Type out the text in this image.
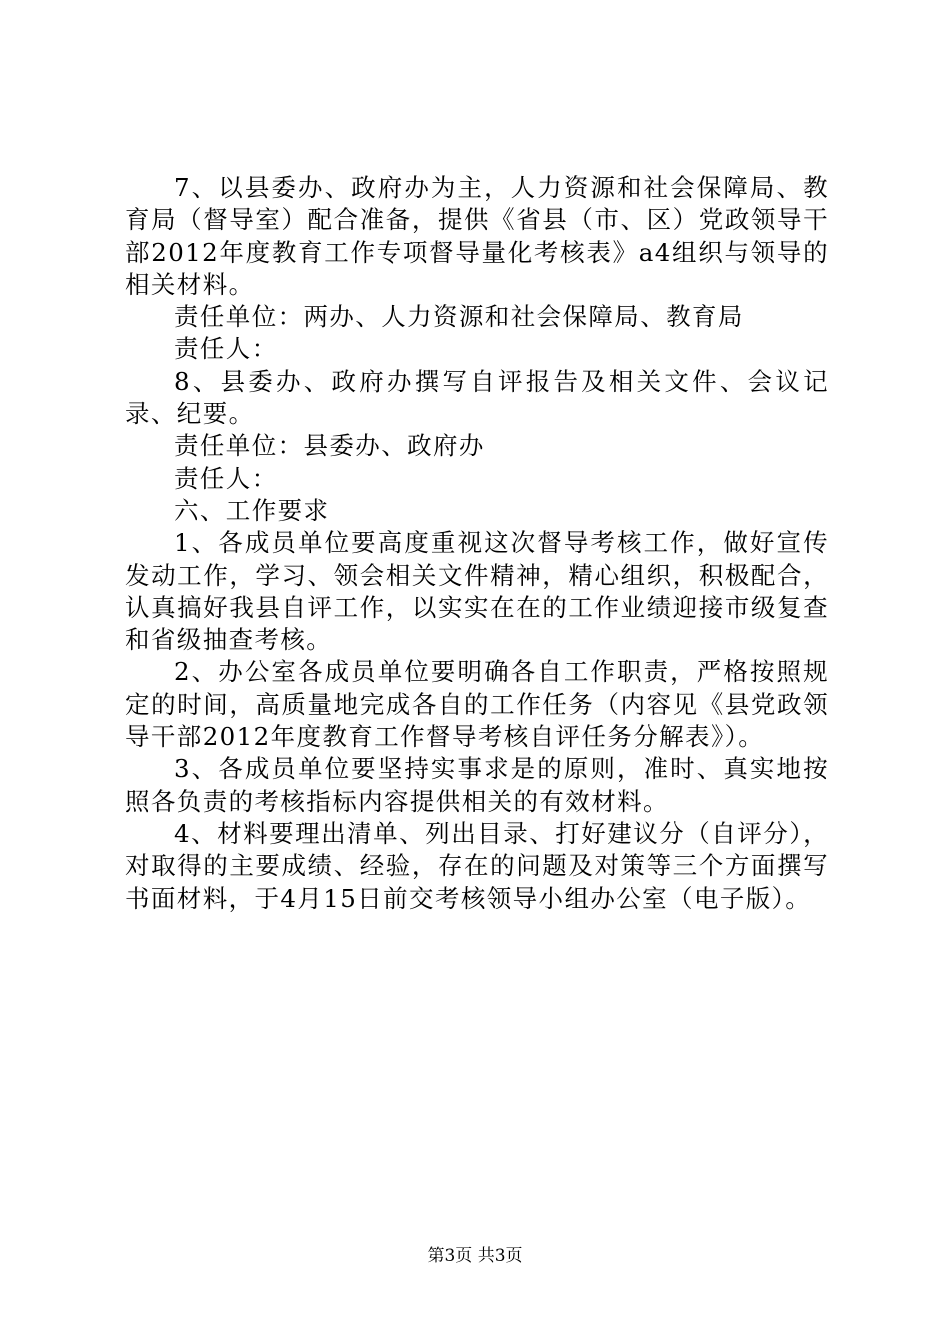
7、以县委办、政府办为主，人力资源和社会保障局、教育局（督导室）配合准备，提供《省县（市、区）党政领导干部2012年度教育工作专项督导量化考核表》a4组织与领导的相关材料。

责任单位：两办、人力资源和社会保障局、教育局

责任人：

8、县委办、政府办撰写自评报告及相关文件、会议记录、纪要。

责任单位：县委办、政府办

责任人：

六、工作要求

1、各成员单位要高度重视这次督导考核工作，做好宣传发动工作，学习、领会相关文件精神，精心组织，积极配合，认真搞好我县自评工作，以实实在在的工作业绩迎接市级复查和省级抽查考核。

2、办公室各成员单位要明确各自工作职责，严格按照规定的时间，高质量地完成各自的工作任务（内容见《县党政领导干部2012年度教育工作督导考核自评任务分解表》）。

3、各成员单位要坚持实事求是的原则，准时、真实地按照各负责的考核指标内容提供相关的有效材料。

4、材料要理出清单、列出目录、打好建议分（自评分），对取得的主要成绩、经验，存在的问题及对策等三个方面撰写书面材料，于4月15日前交考核领导小组办公室（电子版）。

第3页 共3页
